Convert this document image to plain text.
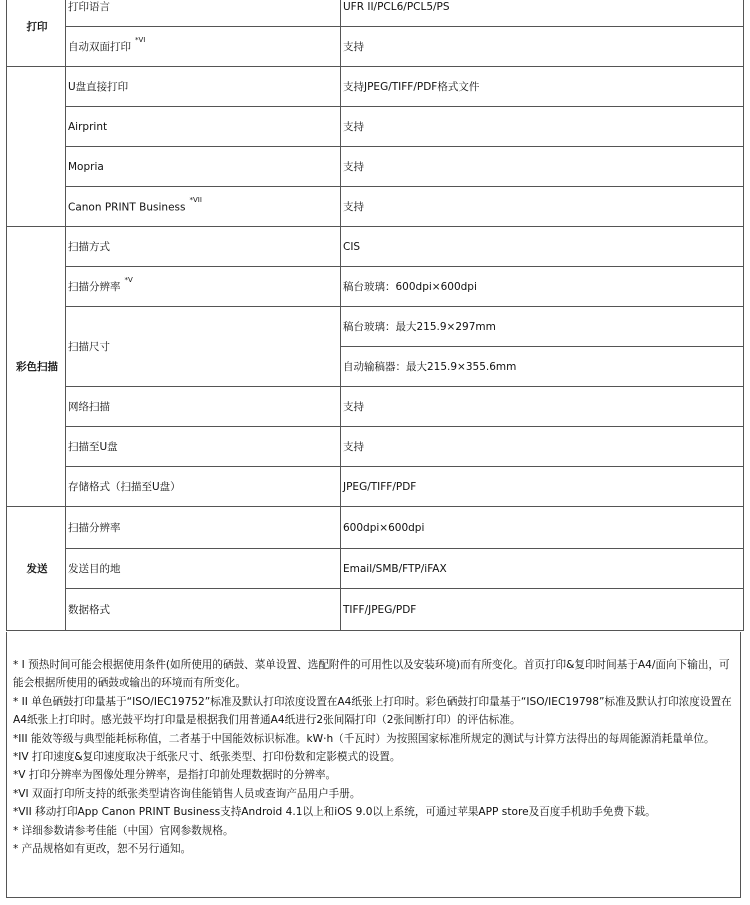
打印	打印语言	UFR II/PCL6/PCL5/PS
	自动双面打印$^{*VI}$	支持
	U盘直接打印	支持JPEG/TIFF/PDF格式文件
	Airprint	支持
	Mopria	支持
	Canon PRINT Business$^{*VII}$	支持
彩色扫描	扫描方式	CIS
	扫描分辨率$^{*V}$	稿台玻璃：600dpi×600dpi
	扫描尺寸	稿台玻璃：最大215.9×297mm
		自动输稿器：最大215.9×355.6mm
	网络扫描	支持
	扫描至U盘	支持
	存储格式（扫描至U盘）	JPEG/TIFF/PDF
发送	扫描分辨率	600dpi×600dpi
	发送目的地	Email/SMB/FTP/iFAX
	数据格式	TIFF/JPEG/PDF

* I 预热时间可能会根据使用条件(如所使用的硒鼓、菜单设置、选配附件的可用性以及安装环境)而有所变化。首页打印&复印时间基于A4/面向下输出，可能会根据所使用的硒鼓或输出的环境而有所变化。

* II 单色硒鼓打印量基于“ISO/IEC19752”标准及默认打印浓度设置在A4纸张上打印时。彩色硒鼓打印量基于“ISO/IEC19798”标准及默认打印浓度设置在A4纸张上打印时。感光鼓平均打印量是根据我们用普通A4纸进行2张间隔打印（2张间断打印）的评估标准。

*III 能效等级与典型能耗标称值，二者基于中国能效标识标准。kW·h（千瓦时）为按照国家标准所规定的测试与计算方法得出的每周能源消耗量单位。

*IV 打印速度&复印速度取决于纸张尺寸、纸张类型、打印份数和定影模式的设置。

*V 打印分辨率为图像处理分辨率，是指打印前处理数据时的分辨率。

*VI 双面打印所支持的纸张类型请咨询佳能销售人员或查询产品用户手册。

*VII 移动打印App Canon PRINT Business支持Android 4.1以上和iOS 9.0以上系统，可通过苹果APP store及百度手机助手免费下载。

* 详细参数请参考佳能（中国）官网参数规格。

* 产品规格如有更改，恕不另行通知。
